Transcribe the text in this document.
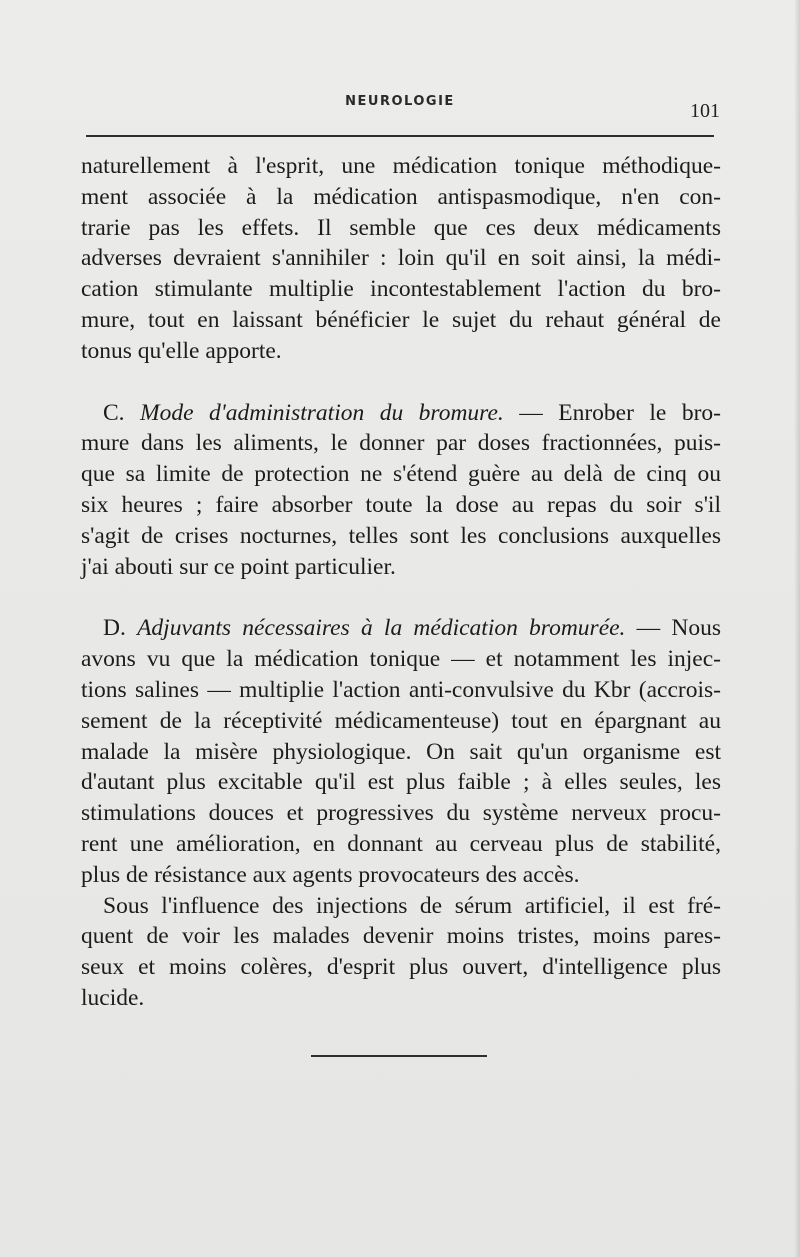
NEUROLOGIE	101
naturellement à l'esprit, une médication tonique méthodique-
ment associée à la médication antispasmodique, n'en con-
trarie pas les effets. Il semble que ces deux médicaments
adverses devraient s'annihiler : loin qu'il en soit ainsi, la médi-
cation stimulante multiplie incontestablement l'action du bro-
mure, tout en laissant bénéficier le sujet du rehaut général de
tonus qu'elle apporte.
C. Mode d'administration du bromure. — Enrober le bro-
mure dans les aliments, le donner par doses fractionnées, puis-
que sa limite de protection ne s'étend guère au delà de cinq ou
six heures ; faire absorber toute la dose au repas du soir s'il
s'agit de crises nocturnes, telles sont les conclusions auxquelles
j'ai abouti sur ce point particulier.
D. Adjuvants nécessaires à la médication bromurée. — Nous
avons vu que la médication tonique — et notamment les injec-
tions salines — multiplie l'action anti-convulsive du Kbr (accrois-
sement de la réceptivité médicamenteuse) tout en épargnant au
malade la misère physiologique. On sait qu'un organisme est
d'autant plus excitable qu'il est plus faible ; à elles seules, les
stimulations douces et progressives du système nerveux procu-
rent une amélioration, en donnant au cerveau plus de stabilité,
plus de résistance aux agents provocateurs des accès.
Sous l'influence des injections de sérum artificiel, il est fré-
quent de voir les malades devenir moins tristes, moins pares-
seux et moins colères, d'esprit plus ouvert, d'intelligence plus
lucide.
